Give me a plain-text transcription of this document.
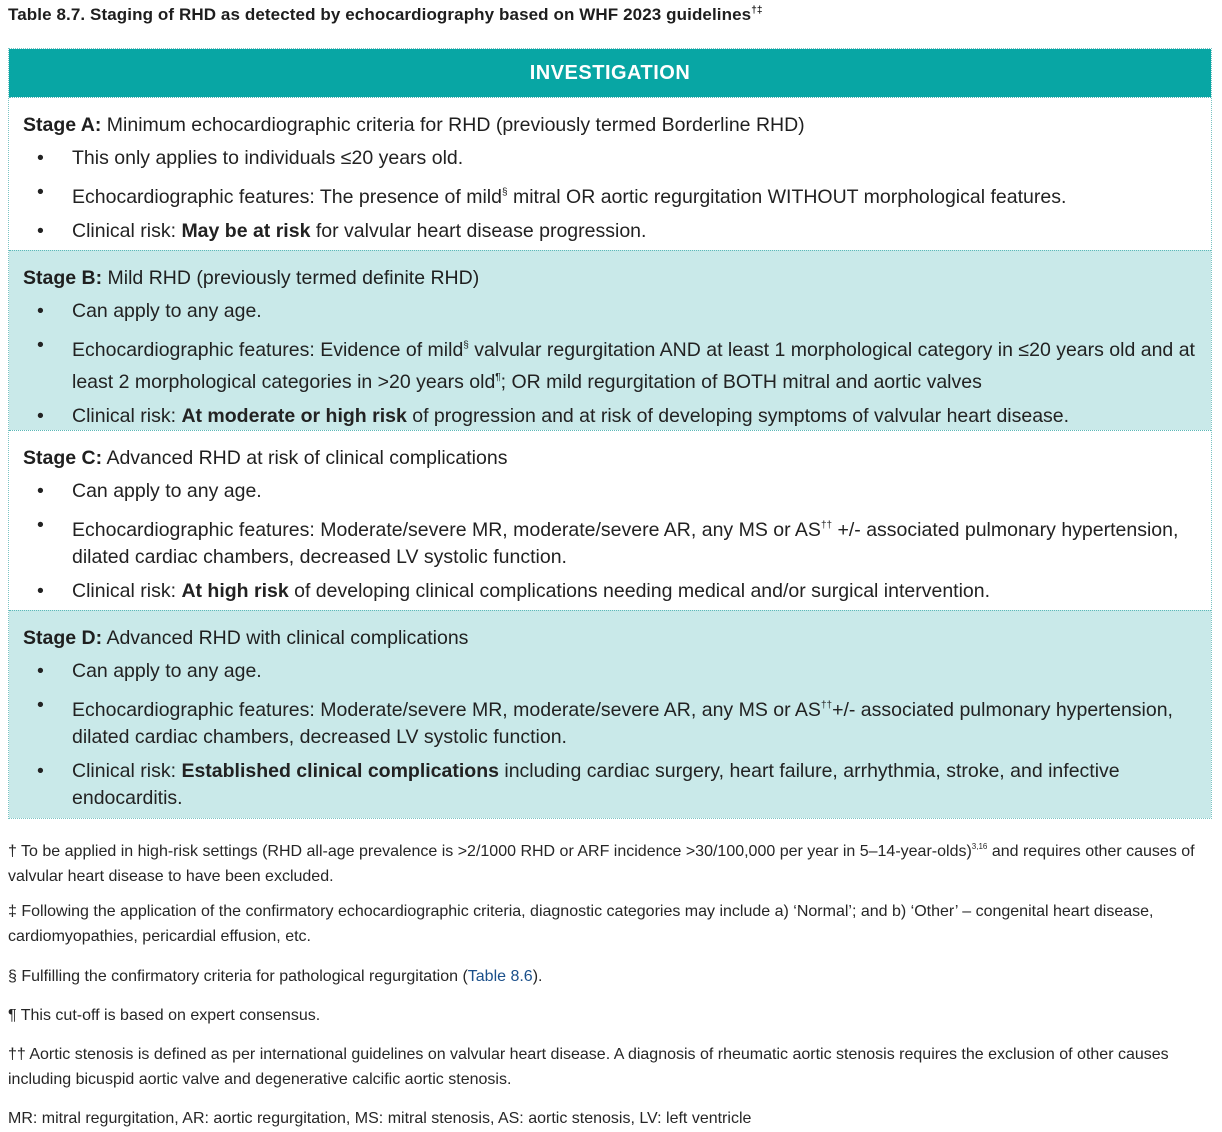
Table 8.7. Staging of RHD as detected by echocardiography based on WHF 2023 guidelines†‡
INVESTIGATION
Stage A: Minimum echocardiographic criteria for RHD (previously termed Borderline RHD)
• This only applies to individuals ≤20 years old.
• Echocardiographic features: The presence of mild§ mitral OR aortic regurgitation WITHOUT morphological features.
• Clinical risk: May be at risk for valvular heart disease progression.
Stage B: Mild RHD (previously termed definite RHD)
• Can apply to any age.
• Echocardiographic features: Evidence of mild§ valvular regurgitation AND at least 1 morphological category in ≤20 years old and at least 2 morphological categories in >20 years old¶; OR mild regurgitation of BOTH mitral and aortic valves
• Clinical risk: At moderate or high risk of progression and at risk of developing symptoms of valvular heart disease.
Stage C: Advanced RHD at risk of clinical complications
• Can apply to any age.
• Echocardiographic features: Moderate/severe MR, moderate/severe AR, any MS or AS†† +/- associated pulmonary hypertension, dilated cardiac chambers, decreased LV systolic function.
• Clinical risk: At high risk of developing clinical complications needing medical and/or surgical intervention.
Stage D: Advanced RHD with clinical complications
• Can apply to any age.
• Echocardiographic features: Moderate/severe MR, moderate/severe AR, any MS or AS††+/- associated pulmonary hypertension, dilated cardiac chambers, decreased LV systolic function.
• Clinical risk: Established clinical complications including cardiac surgery, heart failure, arrhythmia, stroke, and infective endocarditis.
† To be applied in high-risk settings (RHD all-age prevalence is >2/1000 RHD or ARF incidence >30/100,000 per year in 5–14-year-olds)$^{3,16}$ and requires other causes of valvular heart disease to have been excluded.
‡ Following the application of the confirmatory echocardiographic criteria, diagnostic categories may include a) ‘Normal’; and b) ‘Other’ – congenital heart disease, cardiomyopathies, pericardial effusion, etc.
§ Fulfilling the confirmatory criteria for pathological regurgitation (Table 8.6).
¶ This cut-off is based on expert consensus.
†† Aortic stenosis is defined as per international guidelines on valvular heart disease. A diagnosis of rheumatic aortic stenosis requires the exclusion of other causes including bicuspid aortic valve and degenerative calcific aortic stenosis.
MR: mitral regurgitation, AR: aortic regurgitation, MS: mitral stenosis, AS: aortic stenosis, LV: left ventricle
